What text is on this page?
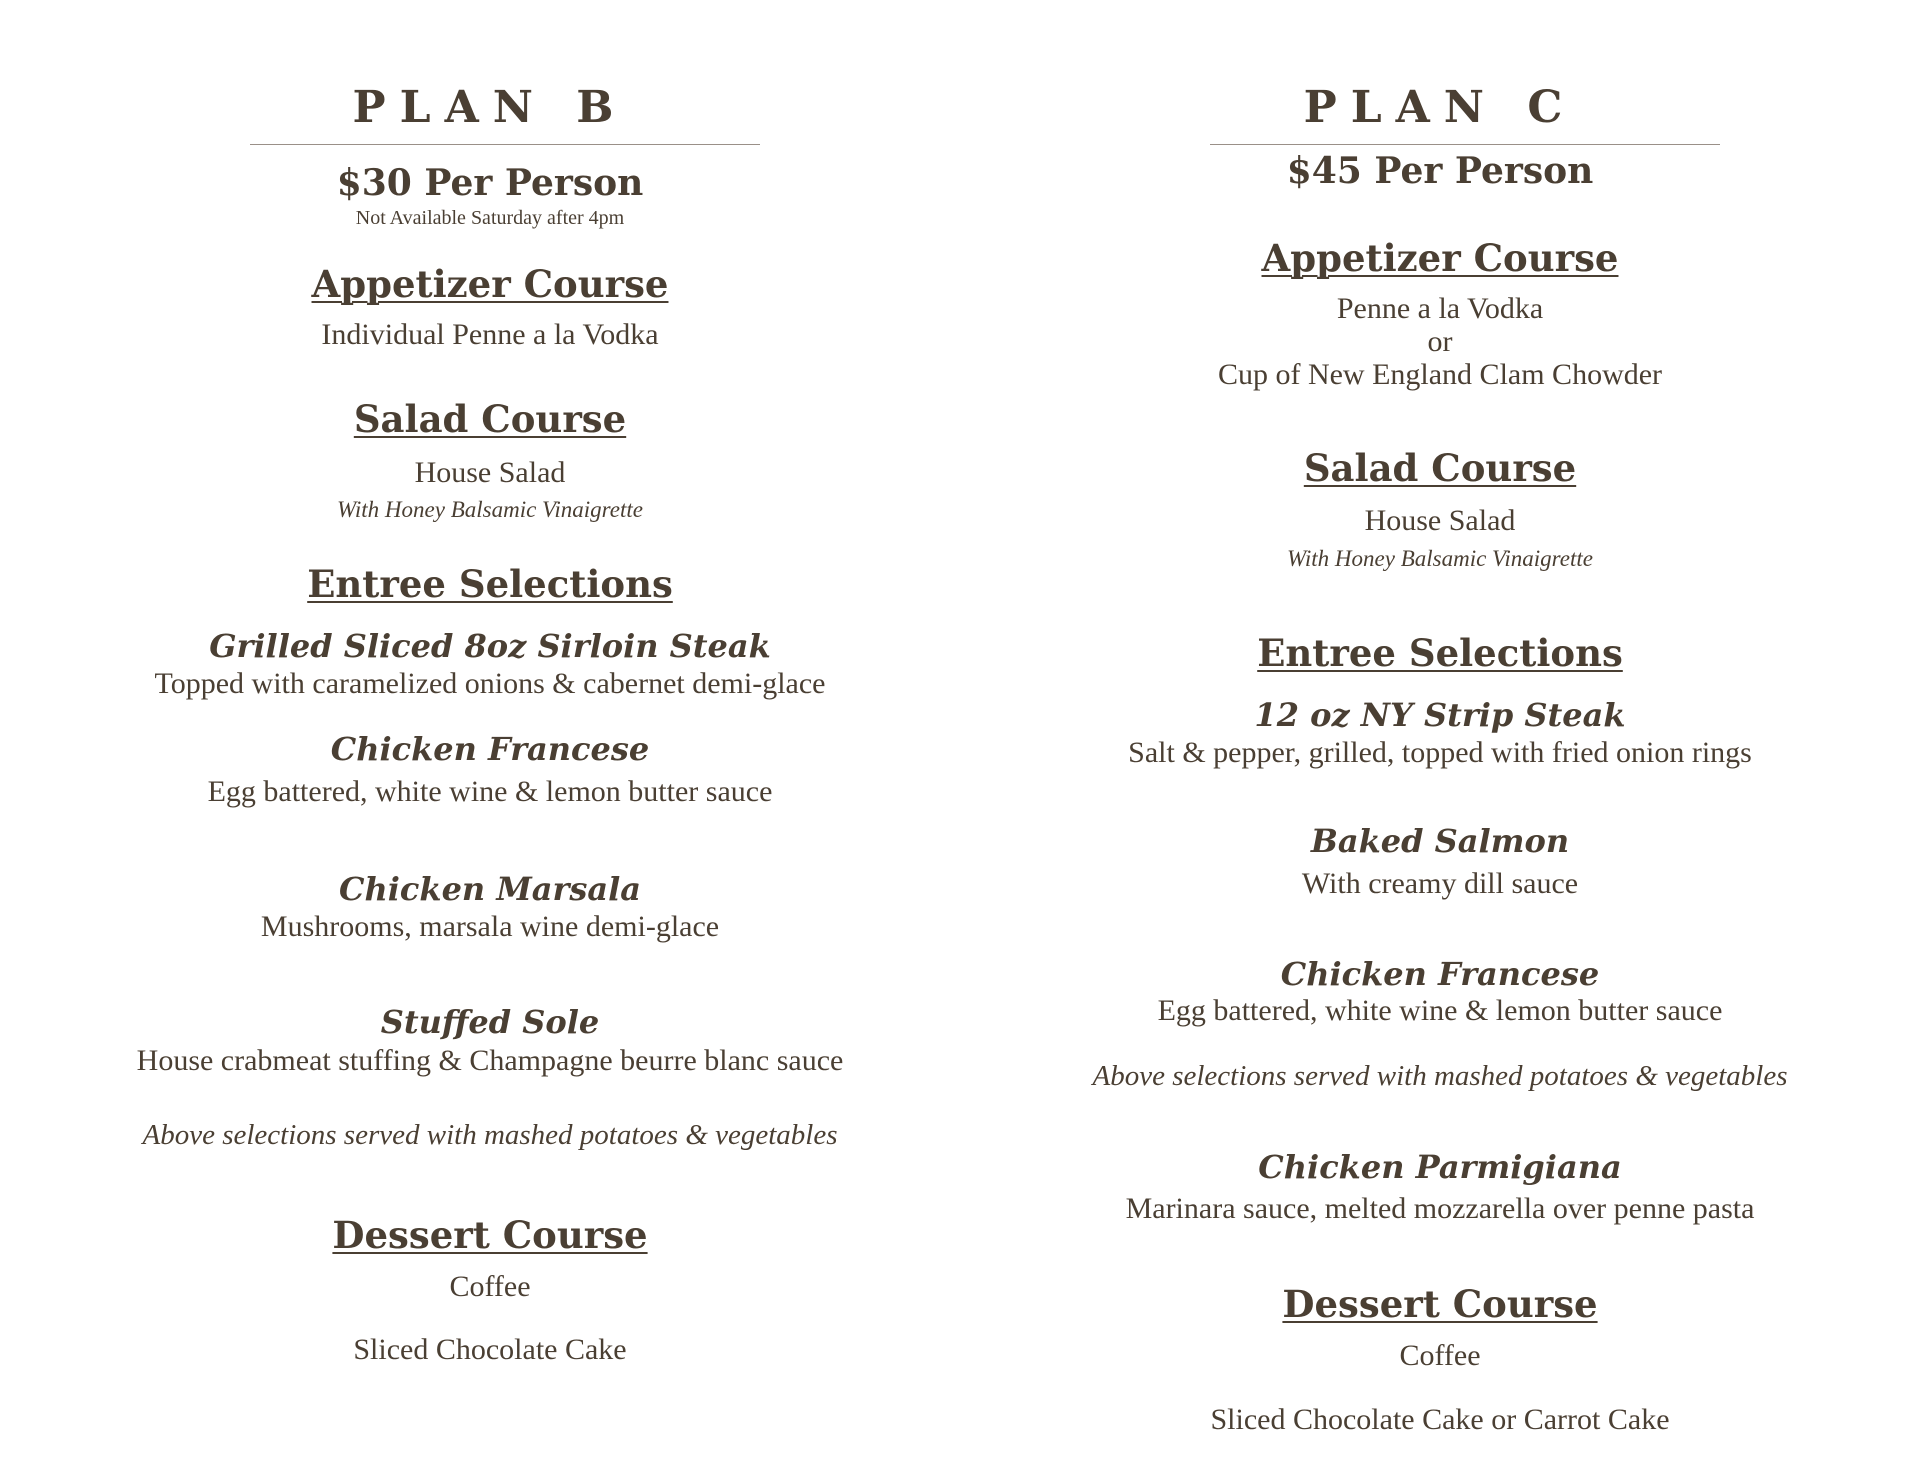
PLAN B
$30 Per Person
Not Available Saturday after 4pm
Appetizer Course
Individual Penne a la Vodka
Salad Course
House Salad
With Honey Balsamic Vinaigrette
Entree Selections
Grilled Sliced 8oz Sirloin Steak
Topped with caramelized onions & cabernet demi-glace
Chicken Francese
Egg battered, white wine & lemon butter sauce
Chicken Marsala
Mushrooms, marsala wine demi-glace
Stuffed Sole
House crabmeat stuffing & Champagne beurre blanc sauce
Above selections served with mashed potatoes & vegetables
Dessert Course
Coffee
Sliced Chocolate Cake
PLAN C
$45 Per Person
Appetizer Course
Penne a la Vodka
or
Cup of New England Clam Chowder
Salad Course
House Salad
With Honey Balsamic Vinaigrette
Entree Selections
12 oz NY Strip Steak
Salt & pepper, grilled, topped with fried onion rings
Baked Salmon
With creamy dill sauce
Chicken Francese
Egg battered, white wine & lemon butter sauce
Above selections served with mashed potatoes & vegetables
Chicken Parmigiana
Marinara sauce, melted mozzarella over penne pasta
Dessert Course
Coffee
Sliced Chocolate Cake or Carrot Cake
